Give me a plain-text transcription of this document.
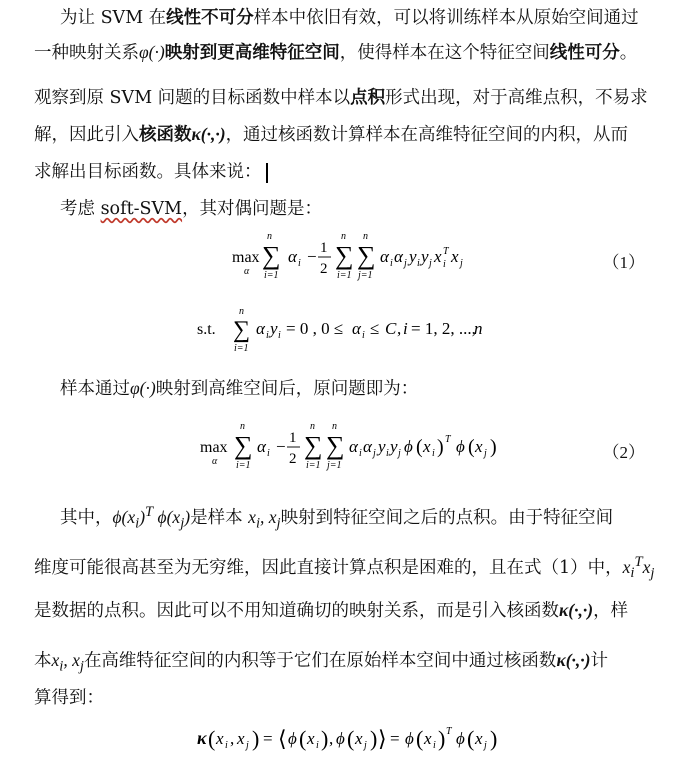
为让 SVM 在线性不可分样本中依旧有效，可以将训练样本从原始空间通过
一种映射关系φ(·)映射到更高维特征空间，使得样本在这个特征空间线性可分。
观察到原 SVM 问题的目标函数中样本以点积形式出现，对于高维点积，不易求
解，因此引入核函数κ(·,·)，通过核函数计算样本在高维特征空间的内积，从而
求解出目标函数。具体来说：
考虑 soft-SVM，其对偶问题是：
max
α
n
∑
i=1
α i − 1
2
n
∑
i=1
n
∑
j=1
α i α j y i y j x T
i x j	（1）
s.t.
n
∑
i=1
α i y i = 0 , 0 ≤ α i ≤ C , i = 1, 2, ...,
n
样本通过φ(·)映射到高维空间后，原问题即为：
max
α
n
∑
i=1
α i − 1
2
n
∑
i=1
n
∑
j=1
α i α j y i y j ϕ ( x i ) T ϕ ( x j )	（2）
其中，$\phi(x_i)^T$ $\phi(x_j)$是样本 $x_i$, $x_j$映射到特征空间之后的点积。由于特征空间
维度可能很高甚至为无穷维，因此直接计算点积是困难的，且在式（1）中，$x_i^Tx_j$
是数据的点积。因此可以不用知道确切的映射关系，而是引入核函数κ(·,·)，样
本$x_i$, $x_j$在高维特征空间的内积等于它们在原始样本空间中通过核函数κ(·,·)计
算得到：
κ ( x i , x j ) = ⟨ ϕ ( x i ) , ϕ ( x j ) ⟩ = ϕ ( x i ) T ϕ ( x j )
